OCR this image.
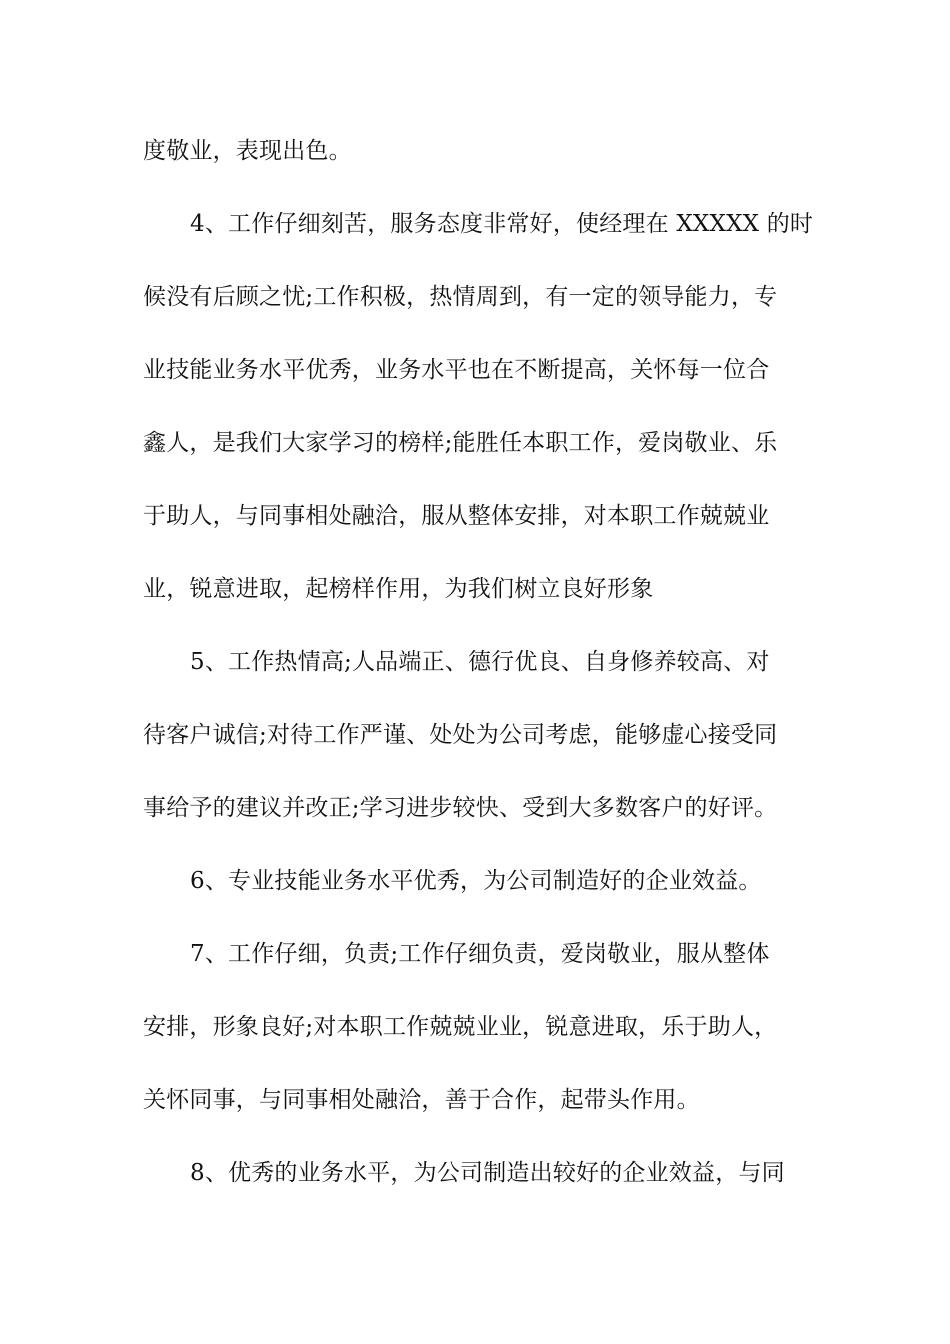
度敬业，表现出色。
4、工作仔细刻苦，服务态度非常好，使经理在 XXXXX 的时
候没有后顾之忧;工作积极，热情周到，有一定的领导能力，专
业技能业务水平优秀，业务水平也在不断提高，关怀每一位合
鑫人，是我们大家学习的榜样;能胜任本职工作，爱岗敬业、乐
于助人，与同事相处融洽，服从整体安排，对本职工作兢兢业
业，锐意进取，起榜样作用，为我们树立良好形象
5、工作热情高;人品端正、德行优良、自身修养较高、对
待客户诚信;对待工作严谨、处处为公司考虑，能够虚心接受同
事给予的建议并改正;学习进步较快、受到大多数客户的好评。
6、专业技能业务水平优秀，为公司制造好的企业效益。
7、工作仔细，负责;工作仔细负责，爱岗敬业，服从整体
安排，形象良好;对本职工作兢兢业业，锐意进取，乐于助人，
关怀同事，与同事相处融洽，善于合作，起带头作用。
8、优秀的业务水平，为公司制造出较好的企业效益，与同
